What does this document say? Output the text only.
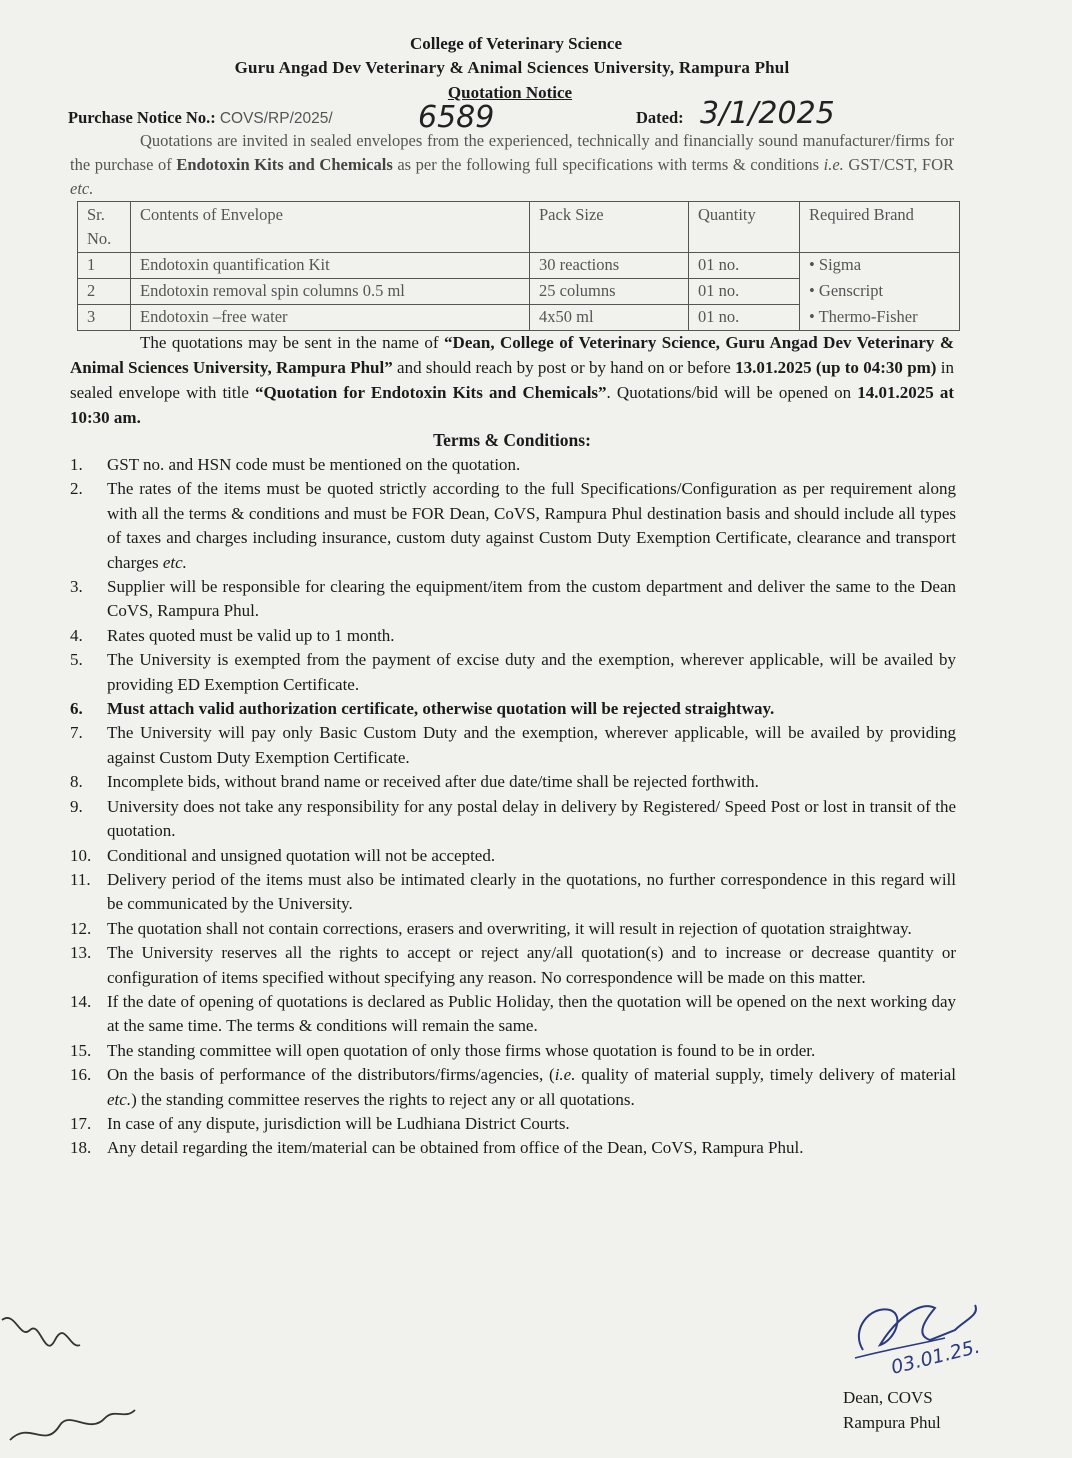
College of Veterinary Science
Guru Angad Dev Veterinary & Animal Sciences University, Rampura Phul
Quotation Notice
Purchase Notice No.: COVS/RP/2025/	6589	Dated: 3/1/2025
Quotations are invited in sealed envelopes from the experienced, technically and financially sound manufacturer/firms for the purchase of Endotoxin Kits and Chemicals as per the following full specifications with terms & conditions i.e. GST/CST, FOR etc.
Sr. No.	Contents of Envelope	Pack Size	Quantity	Required Brand
1	Endotoxin quantification Kit	30 reactions	01 no.	• Sigma
2	Endotoxin removal spin columns 0.5 ml	25 columns	01 no.	• Genscript
3	Endotoxin –free water	4x50 ml	01 no.	• Thermo-Fisher
The quotations may be sent in the name of “Dean, College of Veterinary Science, Guru Angad Dev Veterinary & Animal Sciences University, Rampura Phul” and should reach by post or by hand on or before 13.01.2025 (up to 04:30 pm) in sealed envelope with title “Quotation for Endotoxin Kits and Chemicals”. Quotations/bid will be opened on 14.01.2025 at 10:30 am.
Terms & Conditions:
1. GST no. and HSN code must be mentioned on the quotation.
2. The rates of the items must be quoted strictly according to the full Specifications/Configuration as per requirement along with all the terms & conditions and must be FOR Dean, CoVS, Rampura Phul destination basis and should include all types of taxes and charges including insurance, custom duty against Custom Duty Exemption Certificate, clearance and transport charges etc.
3. Supplier will be responsible for clearing the equipment/item from the custom department and deliver the same to the Dean CoVS, Rampura Phul.
4. Rates quoted must be valid up to 1 month.
5. The University is exempted from the payment of excise duty and the exemption, wherever applicable, will be availed by providing ED Exemption Certificate.
6. Must attach valid authorization certificate, otherwise quotation will be rejected straightway.
7. The University will pay only Basic Custom Duty and the exemption, wherever applicable, will be availed by providing against Custom Duty Exemption Certificate.
8. Incomplete bids, without brand name or received after due date/time shall be rejected forthwith.
9. University does not take any responsibility for any postal delay in delivery by Registered/ Speed Post or lost in transit of the quotation.
10. Conditional and unsigned quotation will not be accepted.
11. Delivery period of the items must also be intimated clearly in the quotations, no further correspondence in this regard will be communicated by the University.
12. The quotation shall not contain corrections, erasers and overwriting, it will result in rejection of quotation straightway.
13. The University reserves all the rights to accept or reject any/all quotation(s) and to increase or decrease quantity or configuration of items specified without specifying any reason. No correspondence will be made on this matter.
14. If the date of opening of quotations is declared as Public Holiday, then the quotation will be opened on the next working day at the same time. The terms & conditions will remain the same.
15. The standing committee will open quotation of only those firms whose quotation is found to be in order.
16. On the basis of performance of the distributors/firms/agencies, (i.e. quality of material supply, timely delivery of material etc.) the standing committee reserves the rights to reject any or all quotations.
17. In case of any dispute, jurisdiction will be Ludhiana District Courts.
18. Any detail regarding the item/material can be obtained from office of the Dean, CoVS, Rampura Phul.
03.01.25.
Dean, COVS
Rampura Phul
